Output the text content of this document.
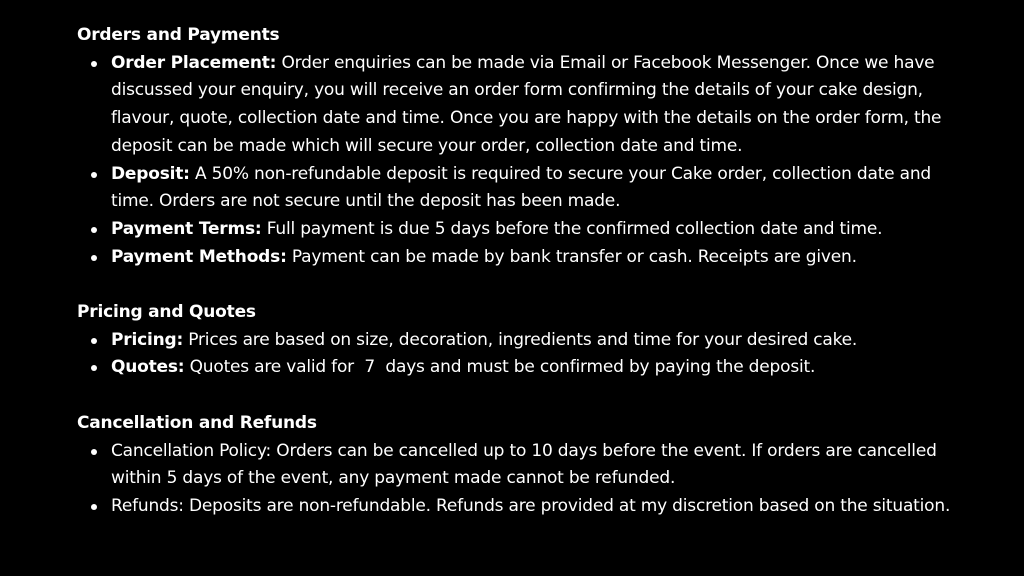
Orders and Payments

Order Placement: Order enquiries can be made via Email or Facebook Messenger. Once we have discussed your enquiry, you will receive an order form confirming the details of your cake design, flavour, quote, collection date and time. Once you are happy with the details on the order form, the deposit can be made which will secure your order, collection date and time.
Deposit: A 50% non-refundable deposit is required to secure your Cake order, collection date and time. Orders are not secure until the deposit has been made.
Payment Terms: Full payment is due 5 days before the confirmed collection date and time.
Payment Methods: Payment can be made by bank transfer or cash. Receipts are given.

Pricing and Quotes

Pricing: Prices are based on size, decoration, ingredients and time for your desired cake.
Quotes: Quotes are valid for  7  days and must be confirmed by paying the deposit.

Cancellation and Refunds

Cancellation Policy: Orders can be cancelled up to 10 days before the event. If orders are cancelled within 5 days of the event, any payment made cannot be refunded.
Refunds: Deposits are non-refundable. Refunds are provided at my discretion based on the situation.
